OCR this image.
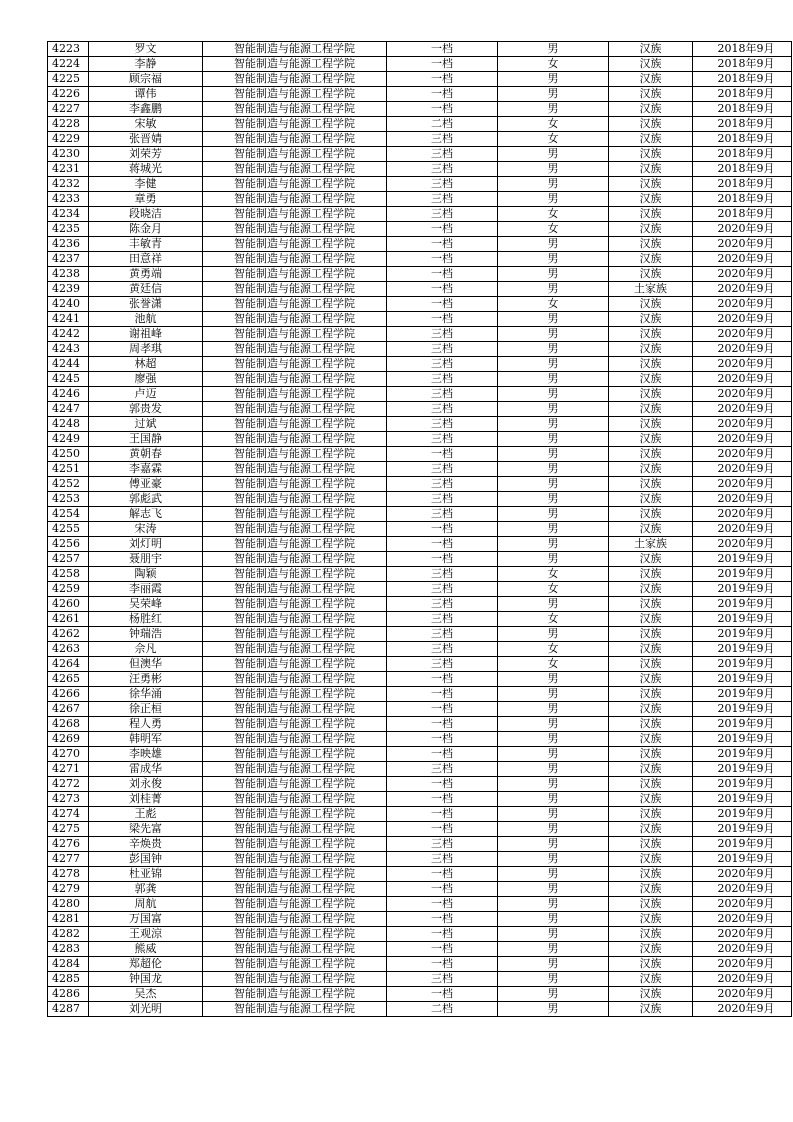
4223	罗文	智能制造与能源工程学院	一档	男	汉族	2018年9月
4224	李静	智能制造与能源工程学院	一档	女	汉族	2018年9月
4225	顾宗福	智能制造与能源工程学院	一档	男	汉族	2018年9月
4226	谭伟	智能制造与能源工程学院	一档	男	汉族	2018年9月
4227	李鑫鹏	智能制造与能源工程学院	一档	男	汉族	2018年9月
4228	宋敏	智能制造与能源工程学院	二档	女	汉族	2018年9月
4229	张晋婧	智能制造与能源工程学院	三档	女	汉族	2018年9月
4230	刘荣芳	智能制造与能源工程学院	三档	男	汉族	2018年9月
4231	蒋城光	智能制造与能源工程学院	三档	男	汉族	2018年9月
4232	李健	智能制造与能源工程学院	三档	男	汉族	2018年9月
4233	章勇	智能制造与能源工程学院	三档	男	汉族	2018年9月
4234	段晓洁	智能制造与能源工程学院	三档	女	汉族	2018年9月
4235	陈金月	智能制造与能源工程学院	一档	女	汉族	2020年9月
4236	丰敏青	智能制造与能源工程学院	一档	男	汉族	2020年9月
4237	田意祥	智能制造与能源工程学院	一档	男	汉族	2020年9月
4238	黄勇端	智能制造与能源工程学院	一档	男	汉族	2020年9月
4239	黄廷信	智能制造与能源工程学院	一档	男	土家族	2020年9月
4240	张誉潇	智能制造与能源工程学院	一档	女	汉族	2020年9月
4241	池航	智能制造与能源工程学院	一档	男	汉族	2020年9月
4242	谢祖峰	智能制造与能源工程学院	三档	男	汉族	2020年9月
4243	周孝琪	智能制造与能源工程学院	三档	男	汉族	2020年9月
4244	林超	智能制造与能源工程学院	三档	男	汉族	2020年9月
4245	廖强	智能制造与能源工程学院	三档	男	汉族	2020年9月
4246	卢迈	智能制造与能源工程学院	三档	男	汉族	2020年9月
4247	郭贵发	智能制造与能源工程学院	三档	男	汉族	2020年9月
4248	过斌	智能制造与能源工程学院	三档	男	汉族	2020年9月
4249	王国静	智能制造与能源工程学院	三档	男	汉族	2020年9月
4250	黄朝春	智能制造与能源工程学院	一档	男	汉族	2020年9月
4251	李嘉霖	智能制造与能源工程学院	三档	男	汉族	2020年9月
4252	傅亚豪	智能制造与能源工程学院	三档	男	汉族	2020年9月
4253	郭彪武	智能制造与能源工程学院	三档	男	汉族	2020年9月
4254	解志飞	智能制造与能源工程学院	三档	男	汉族	2020年9月
4255	宋涛	智能制造与能源工程学院	一档	男	汉族	2020年9月
4256	刘灯明	智能制造与能源工程学院	一档	男	土家族	2020年9月
4257	聂朋宇	智能制造与能源工程学院	一档	男	汉族	2019年9月
4258	陶颖	智能制造与能源工程学院	三档	女	汉族	2019年9月
4259	李丽霞	智能制造与能源工程学院	三档	女	汉族	2019年9月
4260	吴荣峰	智能制造与能源工程学院	三档	男	汉族	2019年9月
4261	杨胜红	智能制造与能源工程学院	三档	女	汉族	2019年9月
4262	钟瑞浩	智能制造与能源工程学院	三档	男	汉族	2019年9月
4263	佘凡	智能制造与能源工程学院	三档	女	汉族	2019年9月
4264	但澳华	智能制造与能源工程学院	三档	女	汉族	2019年9月
4265	汪勇彬	智能制造与能源工程学院	一档	男	汉族	2019年9月
4266	徐华涌	智能制造与能源工程学院	一档	男	汉族	2019年9月
4267	徐正桓	智能制造与能源工程学院	一档	男	汉族	2019年9月
4268	程人勇	智能制造与能源工程学院	一档	男	汉族	2019年9月
4269	韩明军	智能制造与能源工程学院	一档	男	汉族	2019年9月
4270	李映雄	智能制造与能源工程学院	一档	男	汉族	2019年9月
4271	雷成华	智能制造与能源工程学院	三档	男	汉族	2019年9月
4272	刘永俊	智能制造与能源工程学院	一档	男	汉族	2019年9月
4273	刘桂菁	智能制造与能源工程学院	一档	男	汉族	2019年9月
4274	王彪	智能制造与能源工程学院	一档	男	汉族	2019年9月
4275	梁先富	智能制造与能源工程学院	一档	男	汉族	2019年9月
4276	辛焕贵	智能制造与能源工程学院	三档	男	汉族	2019年9月
4277	彭国钟	智能制造与能源工程学院	三档	男	汉族	2019年9月
4278	杜亚锦	智能制造与能源工程学院	一档	男	汉族	2020年9月
4279	郭龚	智能制造与能源工程学院	一档	男	汉族	2020年9月
4280	周航	智能制造与能源工程学院	一档	男	汉族	2020年9月
4281	万国富	智能制造与能源工程学院	一档	男	汉族	2020年9月
4282	王观涼	智能制造与能源工程学院	一档	男	汉族	2020年9月
4283	熊威	智能制造与能源工程学院	一档	男	汉族	2020年9月
4284	郑超伦	智能制造与能源工程学院	一档	男	汉族	2020年9月
4285	钟国龙	智能制造与能源工程学院	三档	男	汉族	2020年9月
4286	吴杰	智能制造与能源工程学院	一档	男	汉族	2020年9月
4287	刘光明	智能制造与能源工程学院	二档	男	汉族	2020年9月
